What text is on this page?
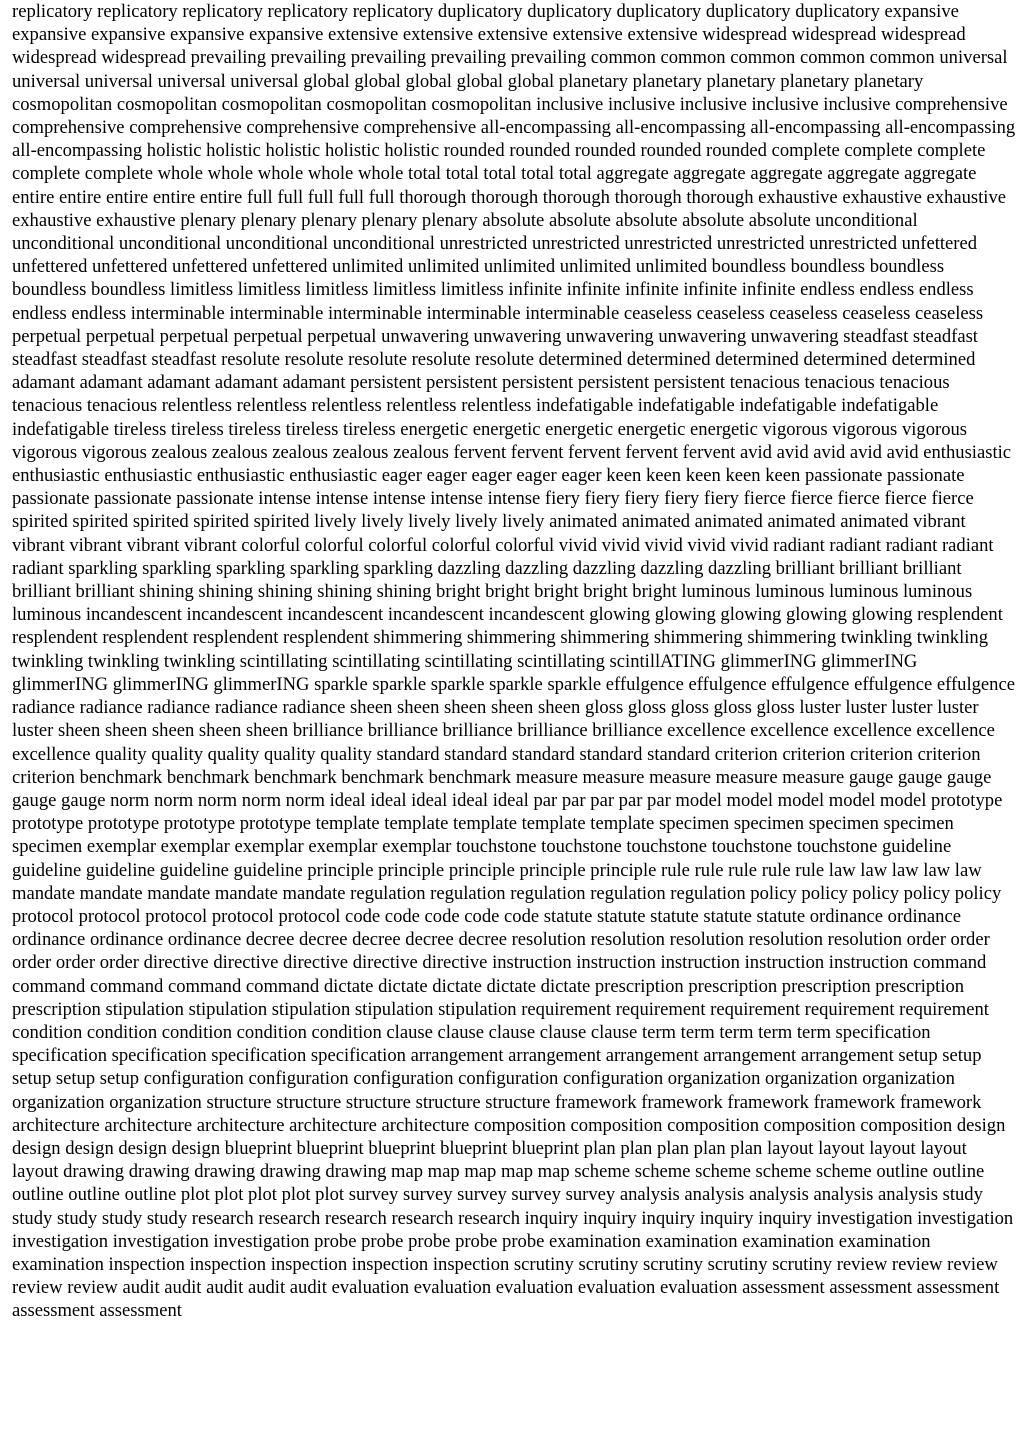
replicatory replicatory replicatory replicatory replicatory duplicatory duplicatory duplicatory duplicatory duplicatory expansive expansive expansive expansive expansive extensive extensive extensive extensive extensive widespread widespread widespread widespread widespread prevailing prevailing prevailing prevailing prevailing common common common common common universal universal universal universal universal global global global global global planetary planetary planetary planetary planetary cosmopolitan cosmopolitan cosmopolitan cosmopolitan cosmopolitan inclusive inclusive inclusive inclusive inclusive comprehensive comprehensive comprehensive comprehensive comprehensive all-encompassing all-encompassing all-encompassing all-encompassing all-encompassing holistic holistic holistic holistic holistic rounded rounded rounded rounded rounded complete complete complete complete complete whole whole whole whole whole total total total total total aggregate aggregate aggregate aggregate aggregate entire entire entire entire entire full full full full full thorough thorough thorough thorough thorough exhaustive exhaustive exhaustive exhaustive exhaustive plenary plenary plenary plenary plenary absolute absolute absolute absolute absolute unconditional unconditional unconditional unconditional unconditional unrestricted unrestricted unrestricted unrestricted unrestricted unfettered unfettered unfettered unfettered unfettered unlimited unlimited unlimited unlimited unlimited boundless boundless boundless boundless boundless limitless limitless limitless limitless limitless infinite infinite infinite infinite infinite endless endless endless endless endless interminable interminable interminable interminable interminable ceaseless ceaseless ceaseless ceaseless ceaseless perpetual perpetual perpetual perpetual perpetual unwavering unwavering unwavering unwavering unwavering steadfast steadfast steadfast steadfast steadfast resolute resolute resolute resolute resolute determined determined determined determined determined adamant adamant adamant adamant adamant persistent persistent persistent persistent persistent tenacious tenacious tenacious tenacious tenacious relentless relentless relentless relentless relentless indefatigable indefatigable indefatigable indefatigable indefatigable tireless tireless tireless tireless tireless energetic energetic energetic energetic energetic vigorous vigorous vigorous vigorous vigorous zealous zealous zealous zealous zealous fervent fervent fervent fervent fervent avid avid avid avid avid enthusiastic enthusiastic enthusiastic enthusiastic enthusiastic eager eager eager eager eager keen keen keen keen keen passionate passionate passionate passionate passionate intense intense intense intense intense fiery fiery fiery fiery fiery fierce fierce fierce fierce fierce spirited spirited spirited spirited spirited lively lively lively lively lively animated animated animated animated animated vibrant vibrant vibrant vibrant vibrant colorful colorful colorful colorful colorful vivid vivid vivid vivid vivid radiant radiant radiant radiant radiant sparkling sparkling sparkling sparkling sparkling dazzling dazzling dazzling dazzling dazzling brilliant brilliant brilliant brilliant brilliant shining shining shining shining shining bright bright bright bright bright luminous luminous luminous luminous luminous incandescent incandescent incandescent incandescent incandescent glowing glowing glowing glowing glowing resplendent resplendent resplendent resplendent resplendent shimmering shimmering shimmering shimmering shimmering twinkling twinkling twinkling twinkling twinkling scintillating scintillating scintillating scintillating scintillATING glimmerING glimmerING glimmerING glimmerING glimmerING sparkle sparkle sparkle sparkle sparkle effulgence effulgence effulgence effulgence effulgence radiance radiance radiance radiance radiance sheen sheen sheen sheen sheen gloss gloss gloss gloss gloss luster luster luster luster luster sheen sheen sheen sheen sheen brilliance brilliance brilliance brilliance brilliance excellence excellence excellence excellence excellence quality quality quality quality quality standard standard standard standard standard criterion criterion criterion criterion criterion benchmark benchmark benchmark benchmark benchmark measure measure measure measure measure gauge gauge gauge gauge gauge norm norm norm norm norm ideal ideal ideal ideal ideal par par par par par model model model model model prototype prototype prototype prototype prototype template template template template template specimen specimen specimen specimen specimen exemplar exemplar exemplar exemplar exemplar touchstone touchstone touchstone touchstone touchstone guideline guideline guideline guideline guideline principle principle principle principle principle rule rule rule rule rule law law law law law mandate mandate mandate mandate mandate regulation regulation regulation regulation regulation policy policy policy policy policy protocol protocol protocol protocol protocol code code code code code statute statute statute statute statute ordinance ordinance ordinance ordinance ordinance decree decree decree decree decree resolution resolution resolution resolution resolution order order order order order directive directive directive directive directive instruction instruction instruction instruction instruction command command command command command dictate dictate dictate dictate dictate prescription prescription prescription prescription prescription stipulation stipulation stipulation stipulation stipulation requirement requirement requirement requirement requirement condition condition condition condition condition clause clause clause clause clause term term term term term specification specification specification specification specification arrangement arrangement arrangement arrangement arrangement setup setup setup setup setup configuration configuration configuration configuration configuration organization organization organization organization organization structure structure structure structure structure framework framework framework framework framework architecture architecture architecture architecture architecture composition composition composition composition composition design design design design design blueprint blueprint blueprint blueprint blueprint plan plan plan plan plan layout layout layout layout layout drawing drawing drawing drawing drawing map map map map map scheme scheme scheme scheme scheme outline outline outline outline outline plot plot plot plot plot survey survey survey survey survey analysis analysis analysis analysis analysis study study study study study research research research research research inquiry inquiry inquiry inquiry inquiry investigation investigation investigation investigation investigation probe probe probe probe probe examination examination examination examination examination inspection inspection inspection inspection inspection scrutiny scrutiny scrutiny scrutiny scrutiny review review review review review audit audit audit audit audit evaluation evaluation evaluation evaluation evaluation assessment assessment assessment assessment assessment
